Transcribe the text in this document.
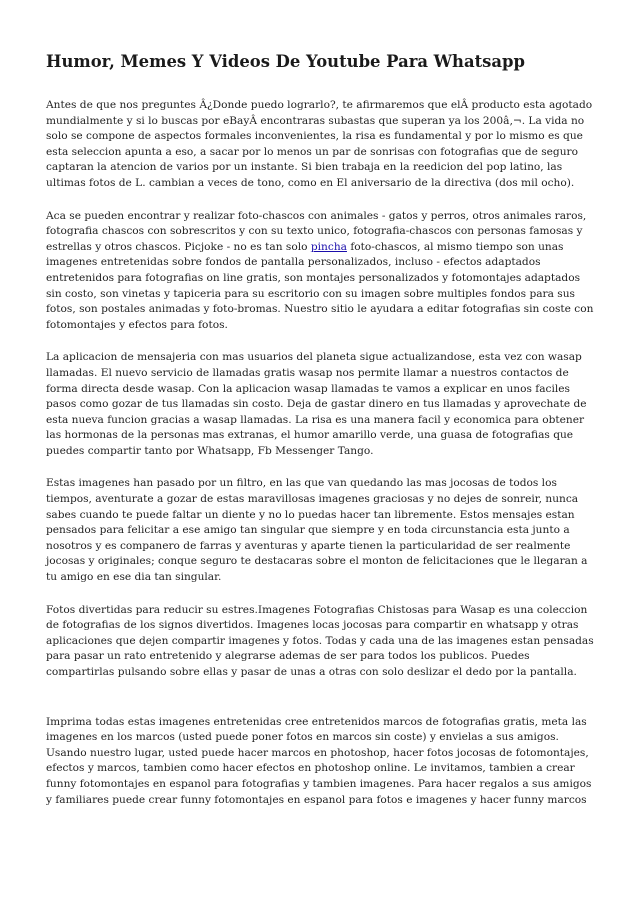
Humor, Memes Y Videos De Youtube Para Whatsapp

Antes de que nos preguntes Â¿Donde puedo lograrlo?, te afirmaremos que elÂ producto esta agotado mundialmente y si lo buscas por eBayÂ encontraras subastas que superan ya los 200â‚¬. La vida no solo se compone de aspectos formales inconvenientes, la risa es fundamental y por lo mismo es que esta seleccion apunta a eso, a sacar por lo menos un par de sonrisas con fotografias que de seguro captaran la atencion de varios por un instante. Si bien trabaja en la reedicion del pop latino, las ultimas fotos de L. cambian a veces de tono, como en El aniversario de la directiva (dos mil ocho).

Aca se pueden encontrar y realizar foto-chascos con animales - gatos y perros, otros animales raros, fotografia chascos con sobrescritos y con su texto unico, fotografia-chascos con personas famosas y estrellas y otros chascos. Picjoke - no es tan solo pincha foto-chascos, al mismo tiempo son unas imagenes entretenidas sobre fondos de pantalla personalizados, incluso - efectos adaptados entretenidos para fotografias on line gratis, son montajes personalizados y fotomontajes adaptados sin costo, son vinetas y tapiceria para su escritorio con su imagen sobre multiples fondos para sus fotos, son postales animadas y foto-bromas. Nuestro sitio le ayudara a editar fotografias sin coste con fotomontajes y efectos para fotos.

La aplicacion de mensajeria con mas usuarios del planeta sigue actualizandose, esta vez con wasap llamadas. El nuevo servicio de llamadas gratis wasap nos permite llamar a nuestros contactos de forma directa desde wasap. Con la aplicacion wasap llamadas te vamos a explicar en unos faciles pasos como gozar de tus llamadas sin costo. Deja de gastar dinero en tus llamadas y aprovechate de esta nueva funcion gracias a wasap llamadas. La risa es una manera facil y economica para obtener las hormonas de la personas mas extranas, el humor amarillo verde, una guasa de fotografias que puedes compartir tanto por Whatsapp, Fb Messenger Tango.

Estas imagenes han pasado por un filtro, en las que van quedando las mas jocosas de todos los tiempos, aventurate a gozar de estas maravillosas imagenes graciosas y no dejes de sonreir, nunca sabes cuando te puede faltar un diente y no lo puedas hacer tan libremente. Estos mensajes estan pensados para felicitar a ese amigo tan singular que siempre y en toda circunstancia esta junto a nosotros y es companero de farras y aventuras y aparte tienen la particularidad de ser realmente jocosas y originales; conque seguro te destacaras sobre el monton de felicitaciones que le llegaran a tu amigo en ese dia tan singular.

Fotos divertidas para reducir su estres.Imagenes Fotografias Chistosas para Wasap es una coleccion de fotografias de los signos divertidos. Imagenes locas jocosas para compartir en whatsapp y otras aplicaciones que dejen compartir imagenes y fotos. Todas y cada una de las imagenes estan pensadas para pasar un rato entretenido y alegrarse ademas de ser para todos los publicos. Puedes compartirlas pulsando sobre ellas y pasar de unas a otras con solo deslizar el dedo por la pantalla.

Imprima todas estas imagenes entretenidas cree entretenidos marcos de fotografias gratis, meta las imagenes en los marcos (usted puede poner fotos en marcos sin coste) y envielas a sus amigos. Usando nuestro lugar, usted puede hacer marcos en photoshop, hacer fotos jocosas de fotomontajes, efectos y marcos, tambien como hacer efectos en photoshop online. Le invitamos, tambien a crear funny fotomontajes en espanol para fotografias y tambien imagenes. Para hacer regalos a sus amigos y familiares puede crear funny fotomontajes en espanol para fotos e imagenes y hacer funny marcos
